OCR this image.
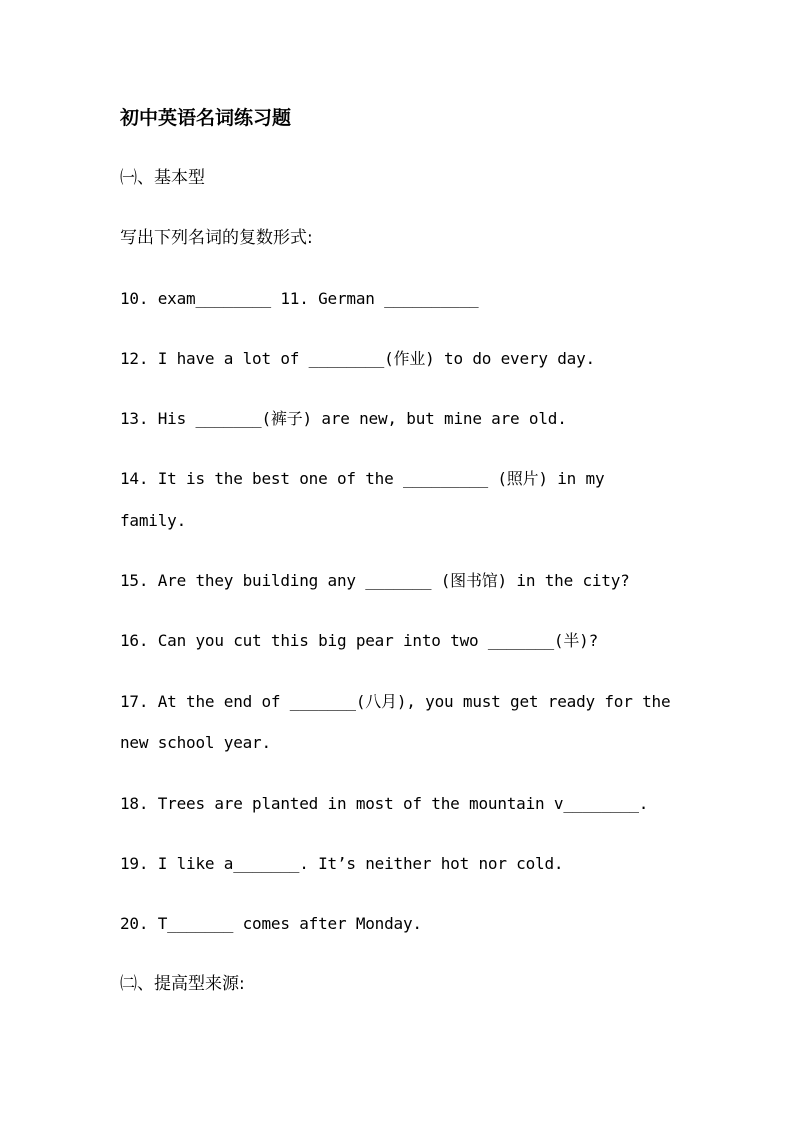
初中英语名词练习题
㈠、基本型
写出下列名词的复数形式:
10. exam________ 11. German __________
12. I have a lot of ________(作业) to do every day.
13. His _______(裤子) are new, but mine are old.
14. It is the best one of the _________ (照片) in my
family.
15. Are they building any _______ (图书馆) in the city?
16. Can you cut this big pear into two _______(半)?
17. At the end of _______(八月), you must get ready for the
new school year.
18. Trees are planted in most of the mountain v________.
19. I like a_______. It’s neither hot nor cold.
20. T_______ comes after Monday.
㈡、提高型来源:
